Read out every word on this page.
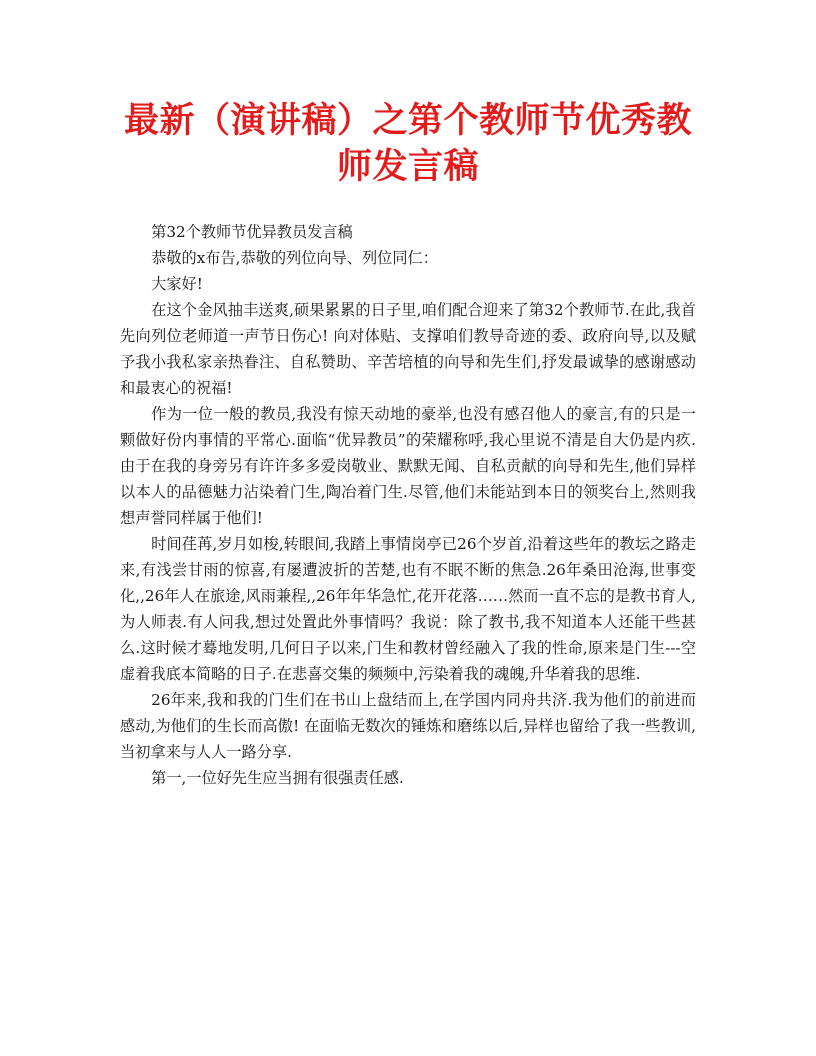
最新（演讲稿）之第个教师节优秀教师发言稿

第32个教师节优异教员发言稿

恭敬的x布告,恭敬的列位向导、列位同仁：

大家好!

在这个金风抽丰送爽,硕果累累的日子里,咱们配合迎来了第32个教师节.在此,我首先向列位老师道一声节日伤心! 向对体贴、支撑咱们教导奇迹的委、政府向导,以及赋予我小我私家亲热眷注、自私赞助、辛苦培植的向导和先生们,抒发最诚挚的感谢感动和最衷心的祝福!

作为一位一般的教员,我没有惊天动地的豪举,也没有感召他人的豪言,有的只是一颗做好份内事情的平常心.面临“优异教员”的荣耀称呼,我心里说不清是自大仍是内疚.由于在我的身旁另有许许多多爱岗敬业、默默无闻、自私贡献的向导和先生,他们异样以本人的品德魅力沾染着门生,陶冶着门生.尽管,他们未能站到本日的领奖台上,然则我想声誉同样属于他们!

时间荏苒,岁月如梭,转眼间,我踏上事情岗亭已26个岁首,沿着这些年的教坛之路走来,有浅尝甘雨的惊喜,有屡遭波折的苦楚,也有不眠不断的焦急.26年桑田沧海,世事变化,,26年人在旅途,风雨兼程,,26年年华急忙,花开花落……然而一直不忘的是教书育人,为人师表.有人问我,想过处置此外事情吗？我说：除了教书,我不知道本人还能干些甚么.这时候才蓦地发明,几何日子以来,门生和教材曾经融入了我的性命,原来是门生---空虚着我底本简略的日子.在悲喜交集的频频中,污染着我的魂魄,升华着我的思维.

26年来,我和我的门生们在书山上盘结而上,在学国内同舟共济.我为他们的前进而感动,为他们的生长而高傲! 在面临无数次的锤炼和磨练以后,异样也留给了我一些教训,当初拿来与人人一路分享.

第一,一位好先生应当拥有很强责任感.
